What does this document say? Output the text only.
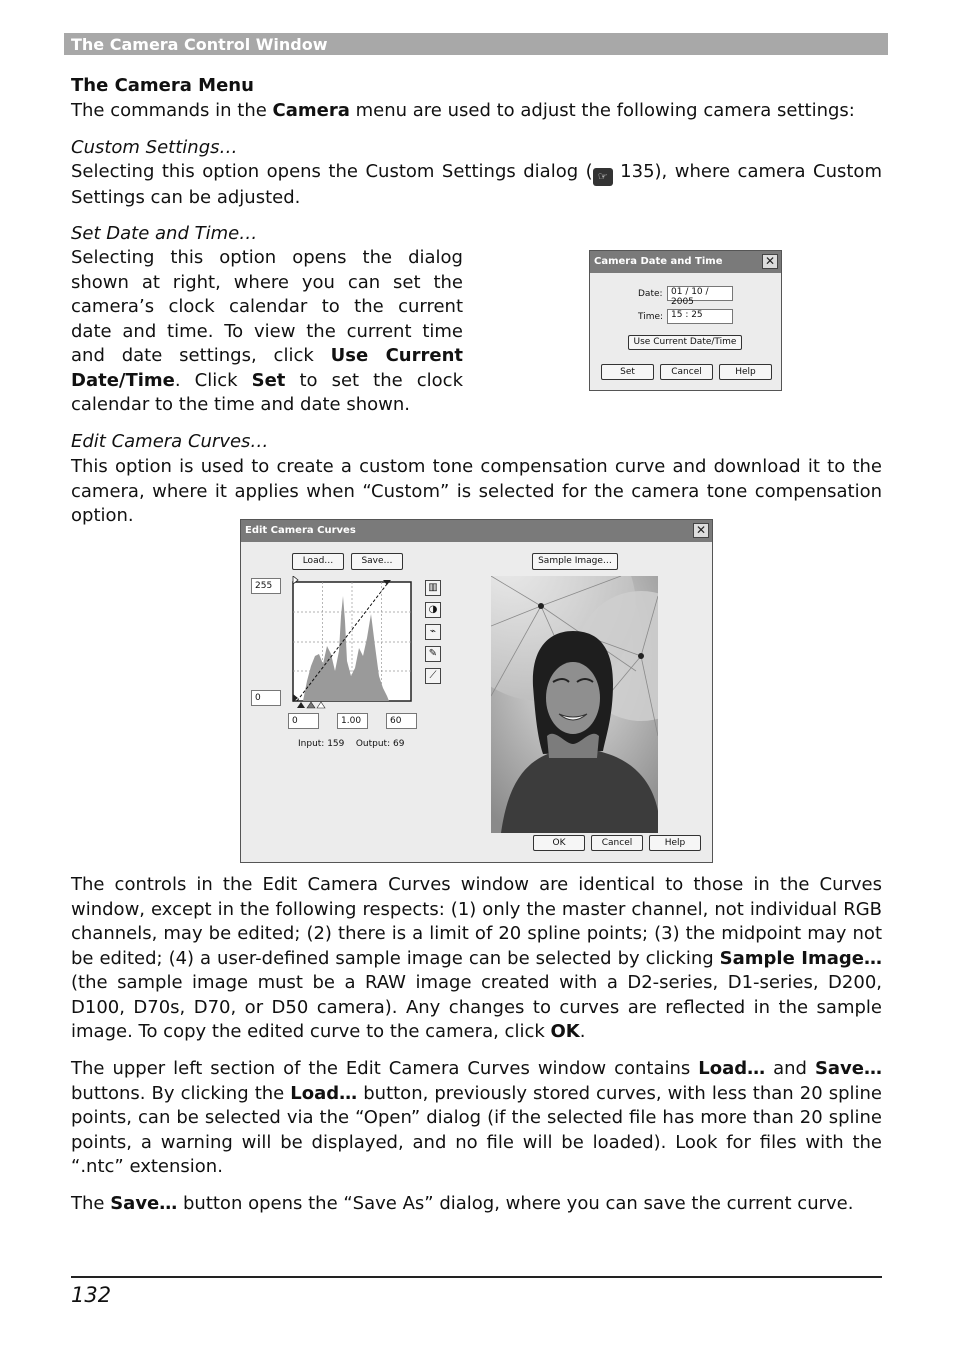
The Camera Control Window
The Camera Menu

The commands in the Camera menu are used to adjust the following camera settings:

Custom Settings…

Selecting this option opens the Custom Settings dialog ( ☞ 135), where camera Custom Settings can be adjusted.

Set Date and Time…

Selecting this option opens the dialog shown at right, where you can set the camera’s clock calendar to the current date and time. To view the current time and date settings, click Use Current Date/Time. Click Set to set the clock calendar to the time and date shown.

Camera Date and Time	✕
Date: 01 / 10 / 2005
Time: 15 : 25
Use Current Date/Time
Set	Cancel	Help

Edit Camera Curves…

This option is used to create a custom tone compensation curve and download it to the camera, where it applies when “Custom” is selected for the camera tone compensation option.

Edit Camera Curves	✕
Load…	Save…	Sample Image…
255
0
▥
◑
⌁
✎
⟋
0	1.00	60
Input: 159    Output: 69
OK	Cancel	Help

The controls in the Edit Camera Curves window are identical to those in the Curves window, except in the following respects: (1) only the master channel, not individual RGB channels, may be edited; (2) there is a limit of 20 spline points; (3) the midpoint may not be edited; (4) a user-defined sample image can be selected by clicking Sample Image… (the sample image must be a RAW image created with a D2-series, D1-series, D200, D100, D70s, D70, or D50 camera). Any changes to curves are reflected in the sample image. To copy the edited curve to the camera, click OK.

The upper left section of the Edit Camera Curves window contains Load… and Save… buttons. By clicking the Load… button, previously stored curves, with less than 20 spline points, can be selected via the “Open” dialog (if the selected file has more than 20 spline points, a warning will be displayed, and no file will be loaded). Look for files with the “.ntc” extension.

The Save… button opens the “Save As” dialog, where you can save the current curve.

132
